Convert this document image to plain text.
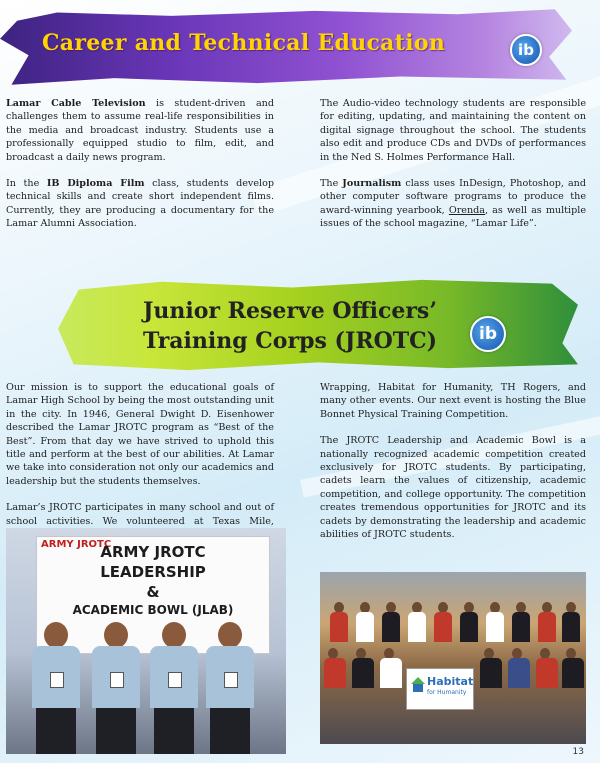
Career and Technical Education	ib

Lamar Cable Television is student-driven and challenges them to assume real-life responsibilities in the media and broadcast industry. Students use a professionally equipped studio to film, edit, and broadcast a daily news program.

In the IB Diploma Film class, students develop technical skills and create short independent films. Currently, they are producing a documentary for the Lamar Alumni Association.

The Audio-video technology students are responsible for editing, updating, and maintaining the content on digital signage throughout the school. The students also edit and produce CDs and DVDs of performances in the Ned S. Holmes Performance Hall.

The Journalism class uses InDesign, Photoshop, and other computer software programs to produce the award-winning yearbook, Orenda, as well as multiple issues of the school magazine, “Lamar Life”.

Junior Reserve Officers’
Training Corps (JROTC)	ib

Our mission is to support the educational goals of Lamar High School by being the most outstanding unit in the city. In 1946, General Dwight D. Eisenhower described the Lamar JROTC program as “Best of the Best”. From that day we have strived to uphold this title and perform at the best of our abilities. At Lamar we take into consideration not only our academics and leadership but the students themselves.

Lamar’s JROTC participates in many school and out of school activities. We volunteered at Texas Mile,

Wrapping, Habitat for Humanity, TH Rogers, and many other events. Our next event is hosting the Blue Bonnet Physical Training Competition.

The JROTC Leadership and Academic Bowl is a nationally recognized academic competition created exclusively for JROTC students. By participating, cadets learn the values of citizenship, academic competition, and college opportunity. The competition creates tremendous opportunities for JROTC and its cadets by demonstrating the leadership and academic abilities of JROTC students.

ARMY JROTC
ARMY JROTC
LEADERSHIP
&
ACADEMIC BOWL (JLAB)
Habitat
for Humanity
13
